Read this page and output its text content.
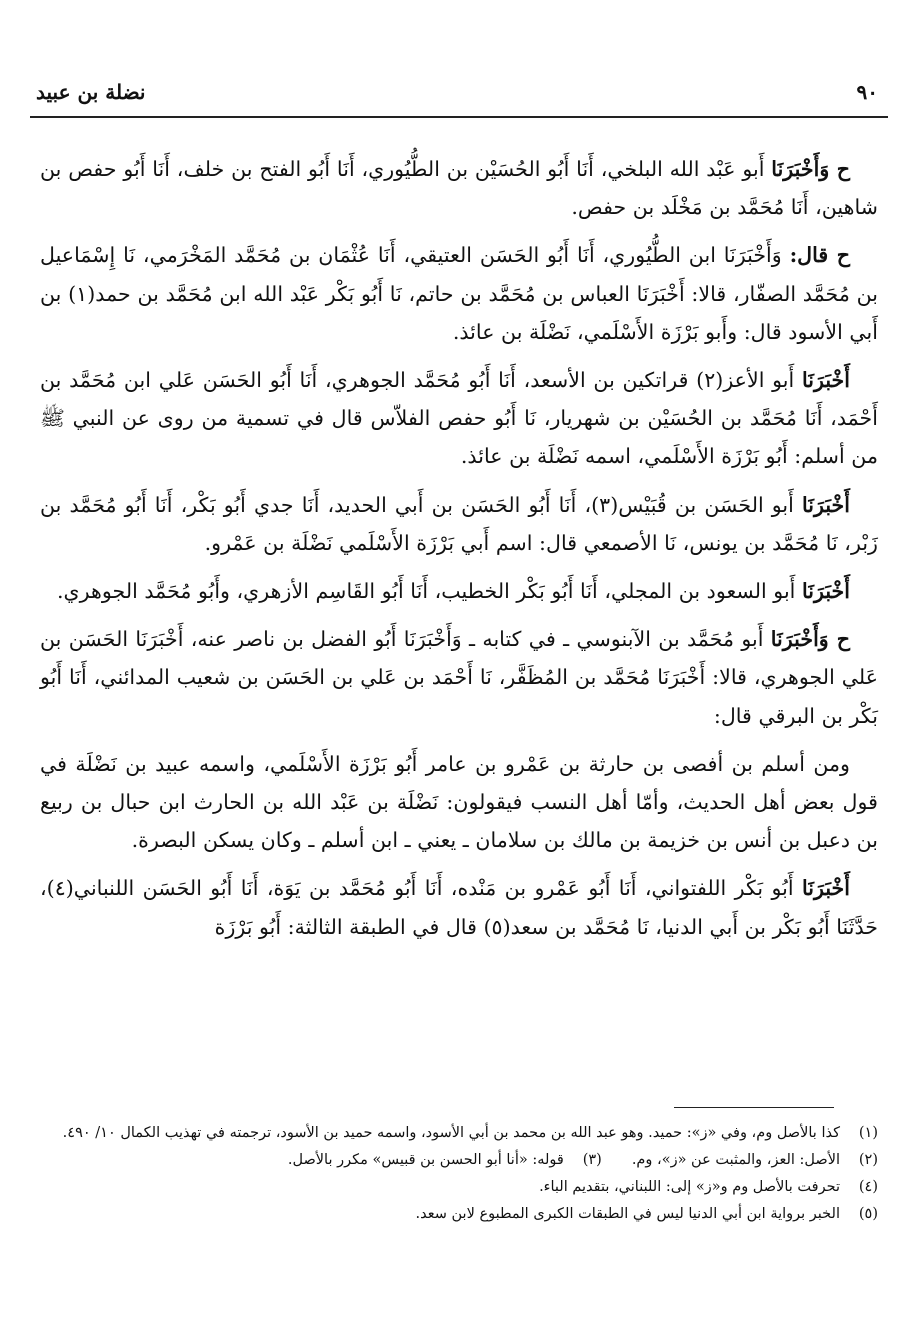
٩٠
نضلة بن عبيد

ح وَأَخْبَرَنَا أَبو عَبْد الله البلخي، أَنَا أَبُو الحُسَيْن بن الطُّيُوري، أَنَا أَبُو الفتح بن خلف، أَنَا أَبُو حفص بن شاهين، أَنَا مُحَمَّد بن مَخْلَد بن حفص.

ح قال: وَأَخْبَرَنَا ابن الطُّيُوري، أَنَا أَبُو الحَسَن العتيقي، أَنَا عُثْمَان بن مُحَمَّد المَخْرَمي، نَا إِسْمَاعيل بن مُحَمَّد الصفّار، قالا: أَخْبَرَنَا العباس بن مُحَمَّد بن حاتم، نَا أَبُو بَكْر عَبْد الله ابن مُحَمَّد بن حمد(١) بن أَبي الأسود قال: وأَبو بَرْزَة الأَسْلَمي، نَضْلَة بن عائذ.

أَخْبَرَنَا أَبو الأعز(٢) قراتكين بن الأسعد، أَنَا أَبُو مُحَمَّد الجوهري، أَنَا أَبُو الحَسَن عَلي ابن مُحَمَّد بن أَحْمَد، أَنَا مُحَمَّد بن الحُسَيْن بن شهريار، نَا أَبُو حفص الفلاّس قال في تسمية من روى عن النبي ﷺ من أسلم: أَبُو بَرْزَة الأَسْلَمي، اسمه نَضْلَة بن عائذ.

أَخْبَرَنَا أَبو الحَسَن بن قُبَيْس(٣)، أَنَا أَبُو الحَسَن بن أَبي الحديد، أَنَا جدي أَبُو بَكْر، أَنَا أَبُو مُحَمَّد بن زَبْر، نَا مُحَمَّد بن يونس، نَا الأصمعي قال: اسم أَبي بَرْزَة الأَسْلَمي نَضْلَة بن عَمْرو.

أَخْبَرَنَا أَبو السعود بن المجلي، أَنَا أَبُو بَكْر الخطيب، أَنَا أَبُو القَاسِم الأزهري، وأَبُو مُحَمَّد الجوهري.

ح وَأَخْبَرَنَا أَبو مُحَمَّد بن الآبنوسي ـ في كتابه ـ وَأَخْبَرَنَا أَبُو الفضل بن ناصر عنه، أَخْبَرَنَا الحَسَن بن عَلي الجوهري، قالا: أَخْبَرَنَا مُحَمَّد بن المُظَفَّر، نَا أَحْمَد بن عَلي بن الحَسَن بن شعيب المدائني، أَنَا أَبُو بَكْر بن البرقي قال:

ومن أسلم بن أفصى بن حارثة بن عَمْرو بن عامر أَبُو بَرْزَة الأَسْلَمي، واسمه عبيد بن نَضْلَة في قول بعض أهل الحديث، وأمّا أهل النسب فيقولون: نَضْلَة بن عَبْد الله بن الحارث ابن حبال بن ربيع بن دعبل بن أنس بن خزيمة بن مالك بن سلامان ـ يعني ـ ابن أسلم ـ وكان يسكن البصرة.

أَخْبَرَنَا أَبُو بَكْر اللفتواني، أَنَا أَبُو عَمْرو بن مَنْده، أَنَا أَبُو مُحَمَّد بن يَوَة، أَنَا أَبُو الحَسَن اللنباني(٤)، حَدَّثَنَا أَبُو بَكْر بن أَبي الدنيا، نَا مُحَمَّد بن سعد(٥) قال في الطبقة الثالثة: أَبُو بَرْزَة

(١)
كذا بالأصل وم، وفي «ز»: حميد. وهو عبد الله بن محمد بن أبي الأسود، واسمه حميد بن الأسود، ترجمته في تهذيب الكمال ١٠/ ٤٩٠.
(٢)
الأصل: العز، والمثبت عن «ز»، وم.
(٣)
قوله: «أنا أبو الحسن بن قبيس» مكرر بالأصل.
(٤)
تحرفت بالأصل وم و«ز» إلى: اللبناني، بتقديم الباء.
(٥)
الخبر برواية ابن أبي الدنيا ليس في الطبقات الكبرى المطبوع لابن سعد.
